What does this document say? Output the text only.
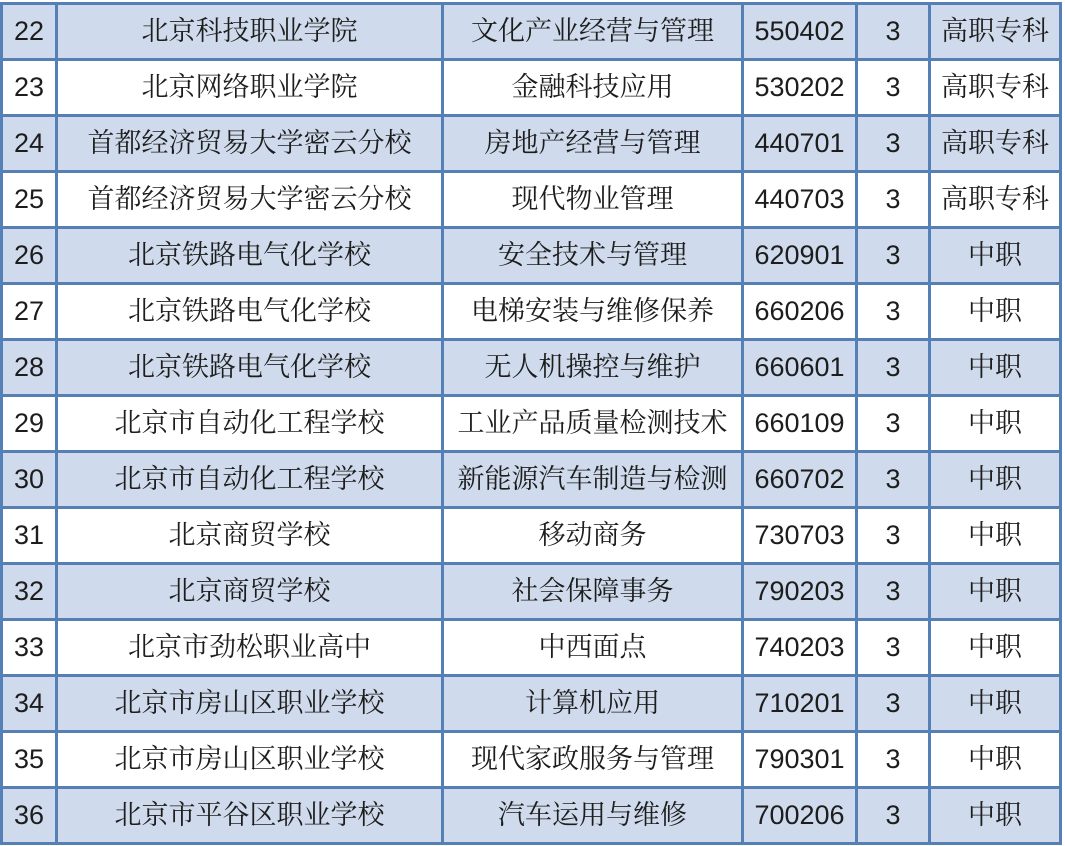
22	北京科技职业学院	文化产业经营与管理	550402	3	高职专科
23	北京网络职业学院	金融科技应用	530202	3	高职专科
24	首都经济贸易大学密云分校	房地产经营与管理	440701	3	高职专科
25	首都经济贸易大学密云分校	现代物业管理	440703	3	高职专科
26	北京铁路电气化学校	安全技术与管理	620901	3	中职
27	北京铁路电气化学校	电梯安装与维修保养	660206	3	中职
28	北京铁路电气化学校	无人机操控与维护	660601	3	中职
29	北京市自动化工程学校	工业产品质量检测技术	660109	3	中职
30	北京市自动化工程学校	新能源汽车制造与检测	660702	3	中职
31	北京商贸学校	移动商务	730703	3	中职
32	北京商贸学校	社会保障事务	790203	3	中职
33	北京市劲松职业高中	中西面点	740203	3	中职
34	北京市房山区职业学校	计算机应用	710201	3	中职
35	北京市房山区职业学校	现代家政服务与管理	790301	3	中职
36	北京市平谷区职业学校	汽车运用与维修	700206	3	中职
